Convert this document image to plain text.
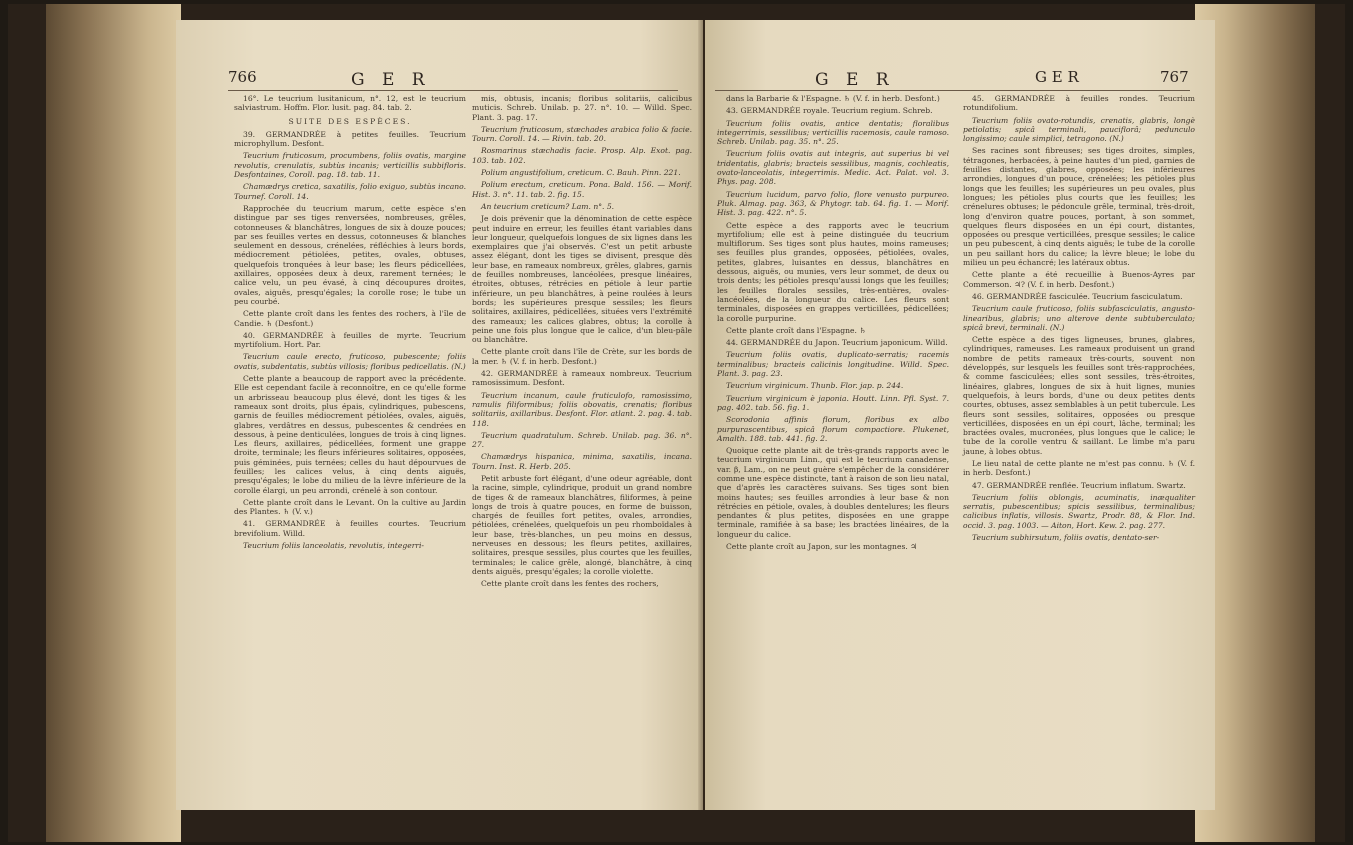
766	G E R

16°. Le teucrium lusitanicum, n°. 12, est le teucrium salviastrum. Hoffm. Flor. lusit. pag. 84. tab. 2.

SUITE DES ESPÈCES.

39. GERMANDRÉE à petites feuilles. Teucrium microphyllum. Desfont.

Teucrium fruticosum, procumbens, foliis ovatis, margine revolutis, crenulatis, subtùs incanis; verticillis subbifloris. Desfontaines, Coroll. pag. 18. tab. 11.

Chamædrys cretica, saxatilis, folio exiguo, subtùs incano. Tournef. Coroll. 14.

Rapprochée du teucrium marum, cette espèce s'en distingue par ses tiges renversées, nombreuses, grêles, cotonneuses & blanchâtres, longues de six à douze pouces; par ses feuilles vertes en dessus, cotonneuses & blanches seulement en dessous, crénelées, réfléchies à leurs bords, médiocrement pétiolées, petites, ovales, obtuses, quelquefois tronquées à leur base; les fleurs pédicellées, axillaires, opposées deux à deux, rarement ternées; le calice velu, un peu évasé, à cinq découpures droites, ovales, aiguës, presqu'égales; la corolle rose; le tube un peu courbé.

Cette plante croît dans les fentes des rochers, à l'île de Candie. ♄ (Desfont.)

40. GERMANDRÉE à feuilles de myrte. Teucrium myrtifolium. Hort. Par.

Teucrium caule erecto, fruticoso, pubescente; foliis ovatis, subdentatis, subtùs villosis; floribus pedicellatis. (N.)

Cette plante a beaucoup de rapport avec la précédente. Elle est cependant facile à reconnoître, en ce qu'elle forme un arbrisseau beaucoup plus élevé, dont les tiges & les rameaux sont droits, plus épais, cylindriques, pubescens, garnis de feuilles médiocrement pétiolées, ovales, aiguës, glabres, verdâtres en dessus, pubescentes & cendrées en dessous, à peine denticulées, longues de trois à cinq lignes. Les fleurs, axillaires, pédicellées, forment une grappe droite, terminale; les fleurs inférieures solitaires, opposées, puis géminées, puis ternées; celles du haut dépourvues de feuilles; les calices velus, à cinq dents aiguës, presqu'égales; le lobe du milieu de la lèvre inférieure de la corolle élargi, un peu arrondi, crénelé à son contour.

Cette plante croît dans le Levant. On la cultive au Jardin des Plantes. ♄ (V. v.)

41. GERMANDRÉE à feuilles courtes. Teucrium brevifolium. Willd.

Teucrium foliis lanceolatis, revolutis, integerri-

mis, obtusis, incanis; floribus solitariis, calicibus muticis. Schreb. Unilab. p. 27. n°. 10. — Willd. Spec. Plant. 3. pag. 17.

Teucrium fruticosum, stæchades arabica folio & facie. Tourn. Coroll. 14. — Rivin. tab. 20.

Rosmarinus stæchadis facie. Prosp. Alp. Exot. pag. 103. tab. 102.

Polium angustifolium, creticum. C. Bauh. Pinn. 221.

Polium erectum, creticum. Pona. Bald. 156. — Morif. Hist. 3. n°. 11. tab. 2. fig. 15.

An teucrium creticum? Lam. n°. 5.

Je dois prévenir que la dénomination de cette espèce peut induire en erreur, les feuilles étant variables dans leur longueur, quelquefois longues de six lignes dans les exemplaires que j'ai observés. C'est un petit arbuste assez élégant, dont les tiges se divisent, presque dès leur base, en rameaux nombreux, grêles, glabres, garnis de feuilles nombreuses, lancéolées, presque linéaires, étroites, obtuses, rétrécies en pétiole à leur partie inférieure, un peu blanchâtres, à peine roulées à leurs bords; les supérieures presque sessiles; les fleurs solitaires, axillaires, pédicellées, situées vers l'extrémité des rameaux; les calices glabres, obtus; la corolle à peine une fois plus longue que le calice, d'un bleu-pâle ou blanchâtre.

Cette plante croît dans l'île de Crète, sur les bords de la mer. ♄ (V. f. in herb. Desfont.)

42. GERMANDRÉE à rameaux nombreux. Teucrium ramosissimum. Desfont.

Teucrium incanum, caule fruticulofo, ramosissimo, ramulis filiformibus; foliis obovatis, crenatis; floribus solitariis, axillaribus. Desfont. Flor. atlant. 2. pag. 4. tab. 118.

Teucrium quadratulum. Schreb. Unilab. pag. 36. n°. 27.

Chamædrys hispanica, minima, saxatilis, incana. Tourn. Inst. R. Herb. 205.

Petit arbuste fort élégant, d'une odeur agréable, dont la racine, simple, cylindrique, produit un grand nombre de tiges & de rameaux blanchâtres, filiformes, à peine longs de trois à quatre pouces, en forme de buisson, chargés de feuilles fort petites, ovales, arrondies, pétiolées, crénelées, quelquefois un peu rhomboïdales à leur base, très-blanches, un peu moins en dessus, nerveuses en dessous; les fleurs petites, axillaires, solitaires, presque sessiles, plus courtes que les feuilles, terminales; le calice grêle, alongé, blanchâtre, à cinq dents aiguës, presqu'égales; la corolle violette.

Cette plante croît dans les fentes des rochers,

G E R	G E R	767

dans la Barbarie & l'Espagne. ♄ (V. f. in herb. Desfont.)

43. GERMANDRÉE royale. Teucrium regium. Schreb.

Teucrium foliis ovatis, antice dentatis; floralibus integerrimis, sessilibus; verticillis racemosis, caule ramoso. Schreb. Unilab. pag. 35. n°. 25.

Teucrium foliis ovatis aut integris, aut superius bi vel tridentatis, glabris; bracteis sessilibus, magnis, cochleatis, ovato-lanceolatis, integerrimis. Medic. Act. Palat. vol. 3. Phys. pag. 208.

Teucrium lucidum, parvo folio, flore venusto purpureo. Pluk. Almag. pag. 363, & Phytogr. tab. 64. fig. 1. — Morif. Hist. 3. pag. 422. n°. 5.

Cette espèce a des rapports avec le teucrium myrtifolium; elle est à peine distinguée du teucrium multiflorum. Ses tiges sont plus hautes, moins rameuses; ses feuilles plus grandes, opposées, pétiolées, ovales, petites, glabres, luisantes en dessus, blanchâtres en dessous, aiguës, ou munies, vers leur sommet, de deux ou trois dents; les pétioles presqu'aussi longs que les feuilles; les feuilles florales sessiles, très-entières, ovales-lancéolées, de la longueur du calice. Les fleurs sont terminales, disposées en grappes verticillées, pédicellées; la corolle purpurine.

Cette plante croît dans l'Espagne. ♄

44. GERMANDRÉE du Japon. Teucrium japonicum. Willd.

Teucrium foliis ovatis, duplicato-serratis; racemis terminalibus; bracteis calicinis longitudine. Willd. Spec. Plant. 3. pag. 23.

Teucrium virginicum. Thunb. Flor. jap. p. 244.

Teucrium virginicum è japonia. Houtt. Linn. Pfl. Syst. 7. pag. 402. tab. 56. fig. 1.

Scorodonia affinis florum, floribus ex albo purpurascentibus, spicâ florum compactiore. Plukenet, Amalth. 188. tab. 441. fig. 2.

Quoique cette plante ait de très-grands rapports avec le teucrium virginicum Linn., qui est le teucrium canadense, var. β, Lam., on ne peut guère s'empêcher de la considérer comme une espèce distincte, tant à raison de son lieu natal, que d'après les caractères suivans. Ses tiges sont bien moins hautes; ses feuilles arrondies à leur base & non rétrécies en pétiole, ovales, à doubles dentelures; les fleurs pendantes & plus petites, disposées en une grappe terminale, ramifiée à sa base; les bractées linéaires, de la longueur du calice.

Cette plante croît au Japon, sur les montagnes. ♃

45. GERMANDRÉE à feuilles rondes. Teucrium rotundifolium.

Teucrium foliis ovato-rotundis, crenatis, glabris, longè petiolatis; spicâ terminali, pauciflorâ; pedunculo longissimo; caule simplici, tetragono. (N.)

Ses racines sont fibreuses; ses tiges droites, simples, tétragones, herbacées, à peine hautes d'un pied, garnies de feuilles distantes, glabres, opposées; les inférieures arrondies, longues d'un pouce, crénelées; les pétioles plus longs que les feuilles; les supérieures un peu ovales, plus longues; les pétioles plus courts que les feuilles; les crénelures obtuses; le pédoncule grêle, terminal, très-droit, long d'environ quatre pouces, portant, à son sommet, quelques fleurs disposées en un épi court, distantes, opposées ou presque verticillées, presque sessiles; le calice un peu pubescent, à cinq dents aiguës; le tube de la corolle un peu saillant hors du calice; la lèvre bleue; le lobe du milieu un peu échancré; les latéraux obtus.

Cette plante a été recueillie à Buenos-Ayres par Commerson. ♃? (V. f. in herb. Desfont.)

46. GERMANDRÉE fasciculée. Teucrium fasciculatum.

Teucrium caule fruticoso, foliis subfasciculatis, angusto-linearibus, glabris; uno alterove dente subtuberculato; spicâ brevi, terminali. (N.)

Cette espèce a des tiges ligneuses, brunes, glabres, cylindriques, rameuses. Les rameaux produisent un grand nombre de petits rameaux très-courts, souvent non développés, sur lesquels les feuilles sont très-rapprochées, & comme fasciculées; elles sont sessiles, très-étroites, linéaires, glabres, longues de six à huit lignes, munies quelquefois, à leurs bords, d'une ou deux petites dents courtes, obtuses, assez semblables à un petit tubercule. Les fleurs sont sessiles, solitaires, opposées ou presque verticillées, disposées en un épi court, lâche, terminal; les bractées ovales, mucronées, plus longues que le calice; le tube de la corolle ventru & saillant. Le limbe m'a paru jaune, à lobes obtus.

Le lieu natal de cette plante ne m'est pas connu. ♄ (V. f. in herb. Desfont.)

47. GERMANDRÉE renflée. Teucrium inflatum. Swartz.

Teucrium foliis oblongis, acuminatis, inæqualiter serratis, pubescentibus; spicis sessilibus, terminalibus; calicibus inflatis, villosis. Swartz, Prodr. 88, & Flor. Ind. occid. 3. pag. 1003. — Aiton, Hort. Kew. 2. pag. 277.

Teucrium subhirsutum, foliis ovatis, dentato-ser-
